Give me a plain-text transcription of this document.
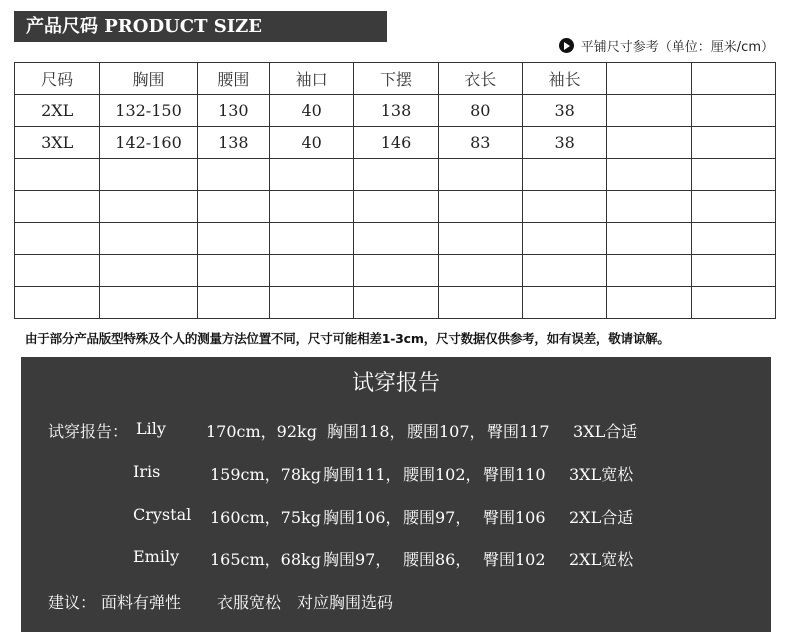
产品尺码 PRODUCT SIZE
平铺尺寸参考（单位：厘米/cm）
尺码	胸围	腰围	袖口	下摆	衣长	袖长		
2XL	132-150	130	40	138	80	38		
3XL	142-160	138	40	146	83	38		

由于部分产品版型特殊及个人的测量方法位置不同，尺寸可能相差1-3cm，尺寸数据仅供参考，如有误差，敬请谅解。
试穿报告
试穿报告： Lily	170cm，92kg 胸围118， 腰围107， 臀围117 3XL合适
Iris	159cm，78kg 胸围111， 腰围102， 臀围110 3XL宽松
Crystal 160cm，75kg 胸围106， 腰围97， 臀围106 2XL合适
Emily 165cm，68kg 胸围97， 腰围86， 臀围102 2XL宽松
建议： 面料有弹性 衣服宽松 对应胸围选码
